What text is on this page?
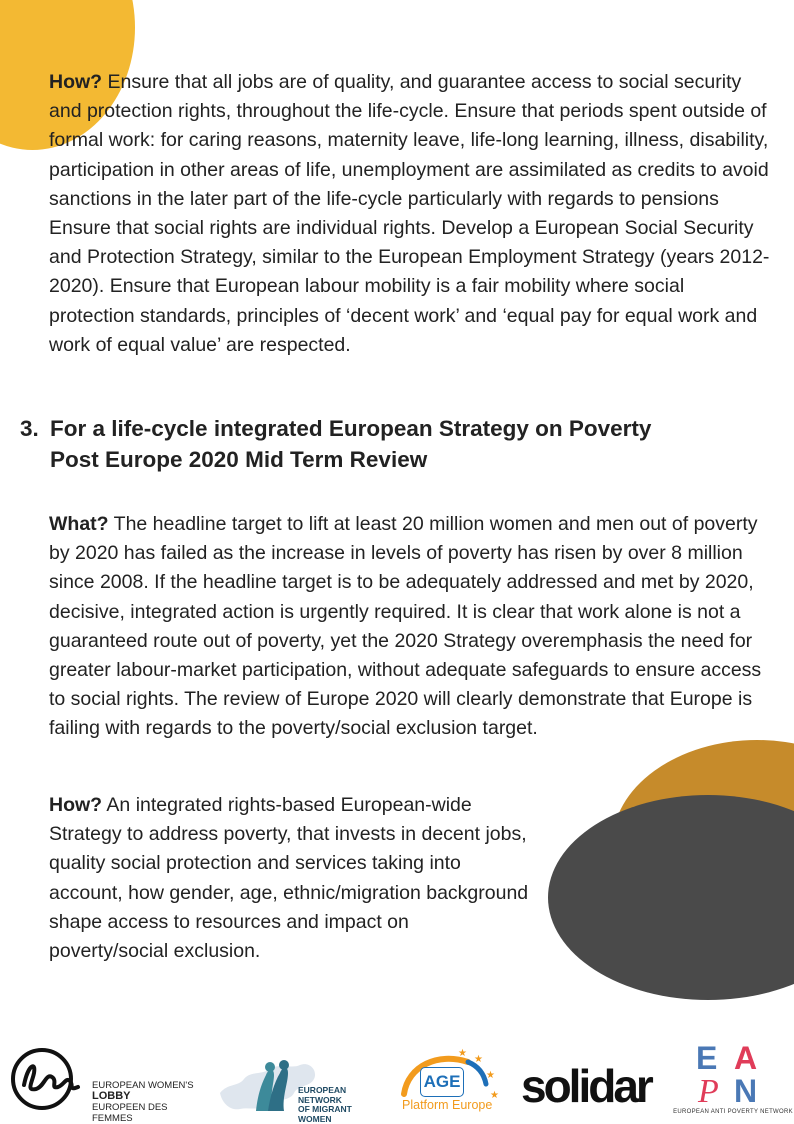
How? Ensure that all jobs are of quality, and guarantee access to social security and protection rights, throughout the life-cycle. Ensure that periods spent outside of formal work: for caring reasons, maternity leave, life-long learning, illness, disability, participation in other areas of life, unemployment are assimilated as credits to avoid sanctions in the later part of the life-cycle particularly with regards to pensions Ensure that social rights are individual rights. Develop a European Social Security and Protection Strategy, similar to the European Employment Strategy (years 2012-2020). Ensure that European labour mobility is a fair mobility where social protection standards, principles of ‘decent work’ and ‘equal pay for equal work and work of equal value’ are respected.

3. For a life-cycle integrated European Strategy on Poverty
Post Europe 2020 Mid Term Review

What? The headline target to lift at least 20 million women and men out of poverty by 2020 has failed as the increase in levels of poverty has risen by over 8 million since 2008. If the headline target is to be adequately addressed and met by 2020, decisive, integrated action is urgently required. It is clear that work alone is not a guaranteed route out of poverty, yet the 2020 Strategy overemphasis the need for greater labour-market participation, without adequate safeguards to ensure access to social rights. The review of Europe 2020 will clearly demonstrate that Europe is failing with regards to the poverty/social exclusion target.

How? An integrated rights-based European-wide Strategy to address poverty, that invests in decent jobs, quality social protection and services taking into account, how gender, age, ethnic/migration background shape access to resources and impact on poverty/social exclusion.

EUROPEAN WOMEN'S
LOBBY
EUROPEEN DES FEMMES
EUROPEAN NETWORK
OF MIGRANT WOMEN
★
★
★
★
AGE
Platform Europe solidar
E A
P N
EUROPEAN ANTI POVERTY NETWORK
